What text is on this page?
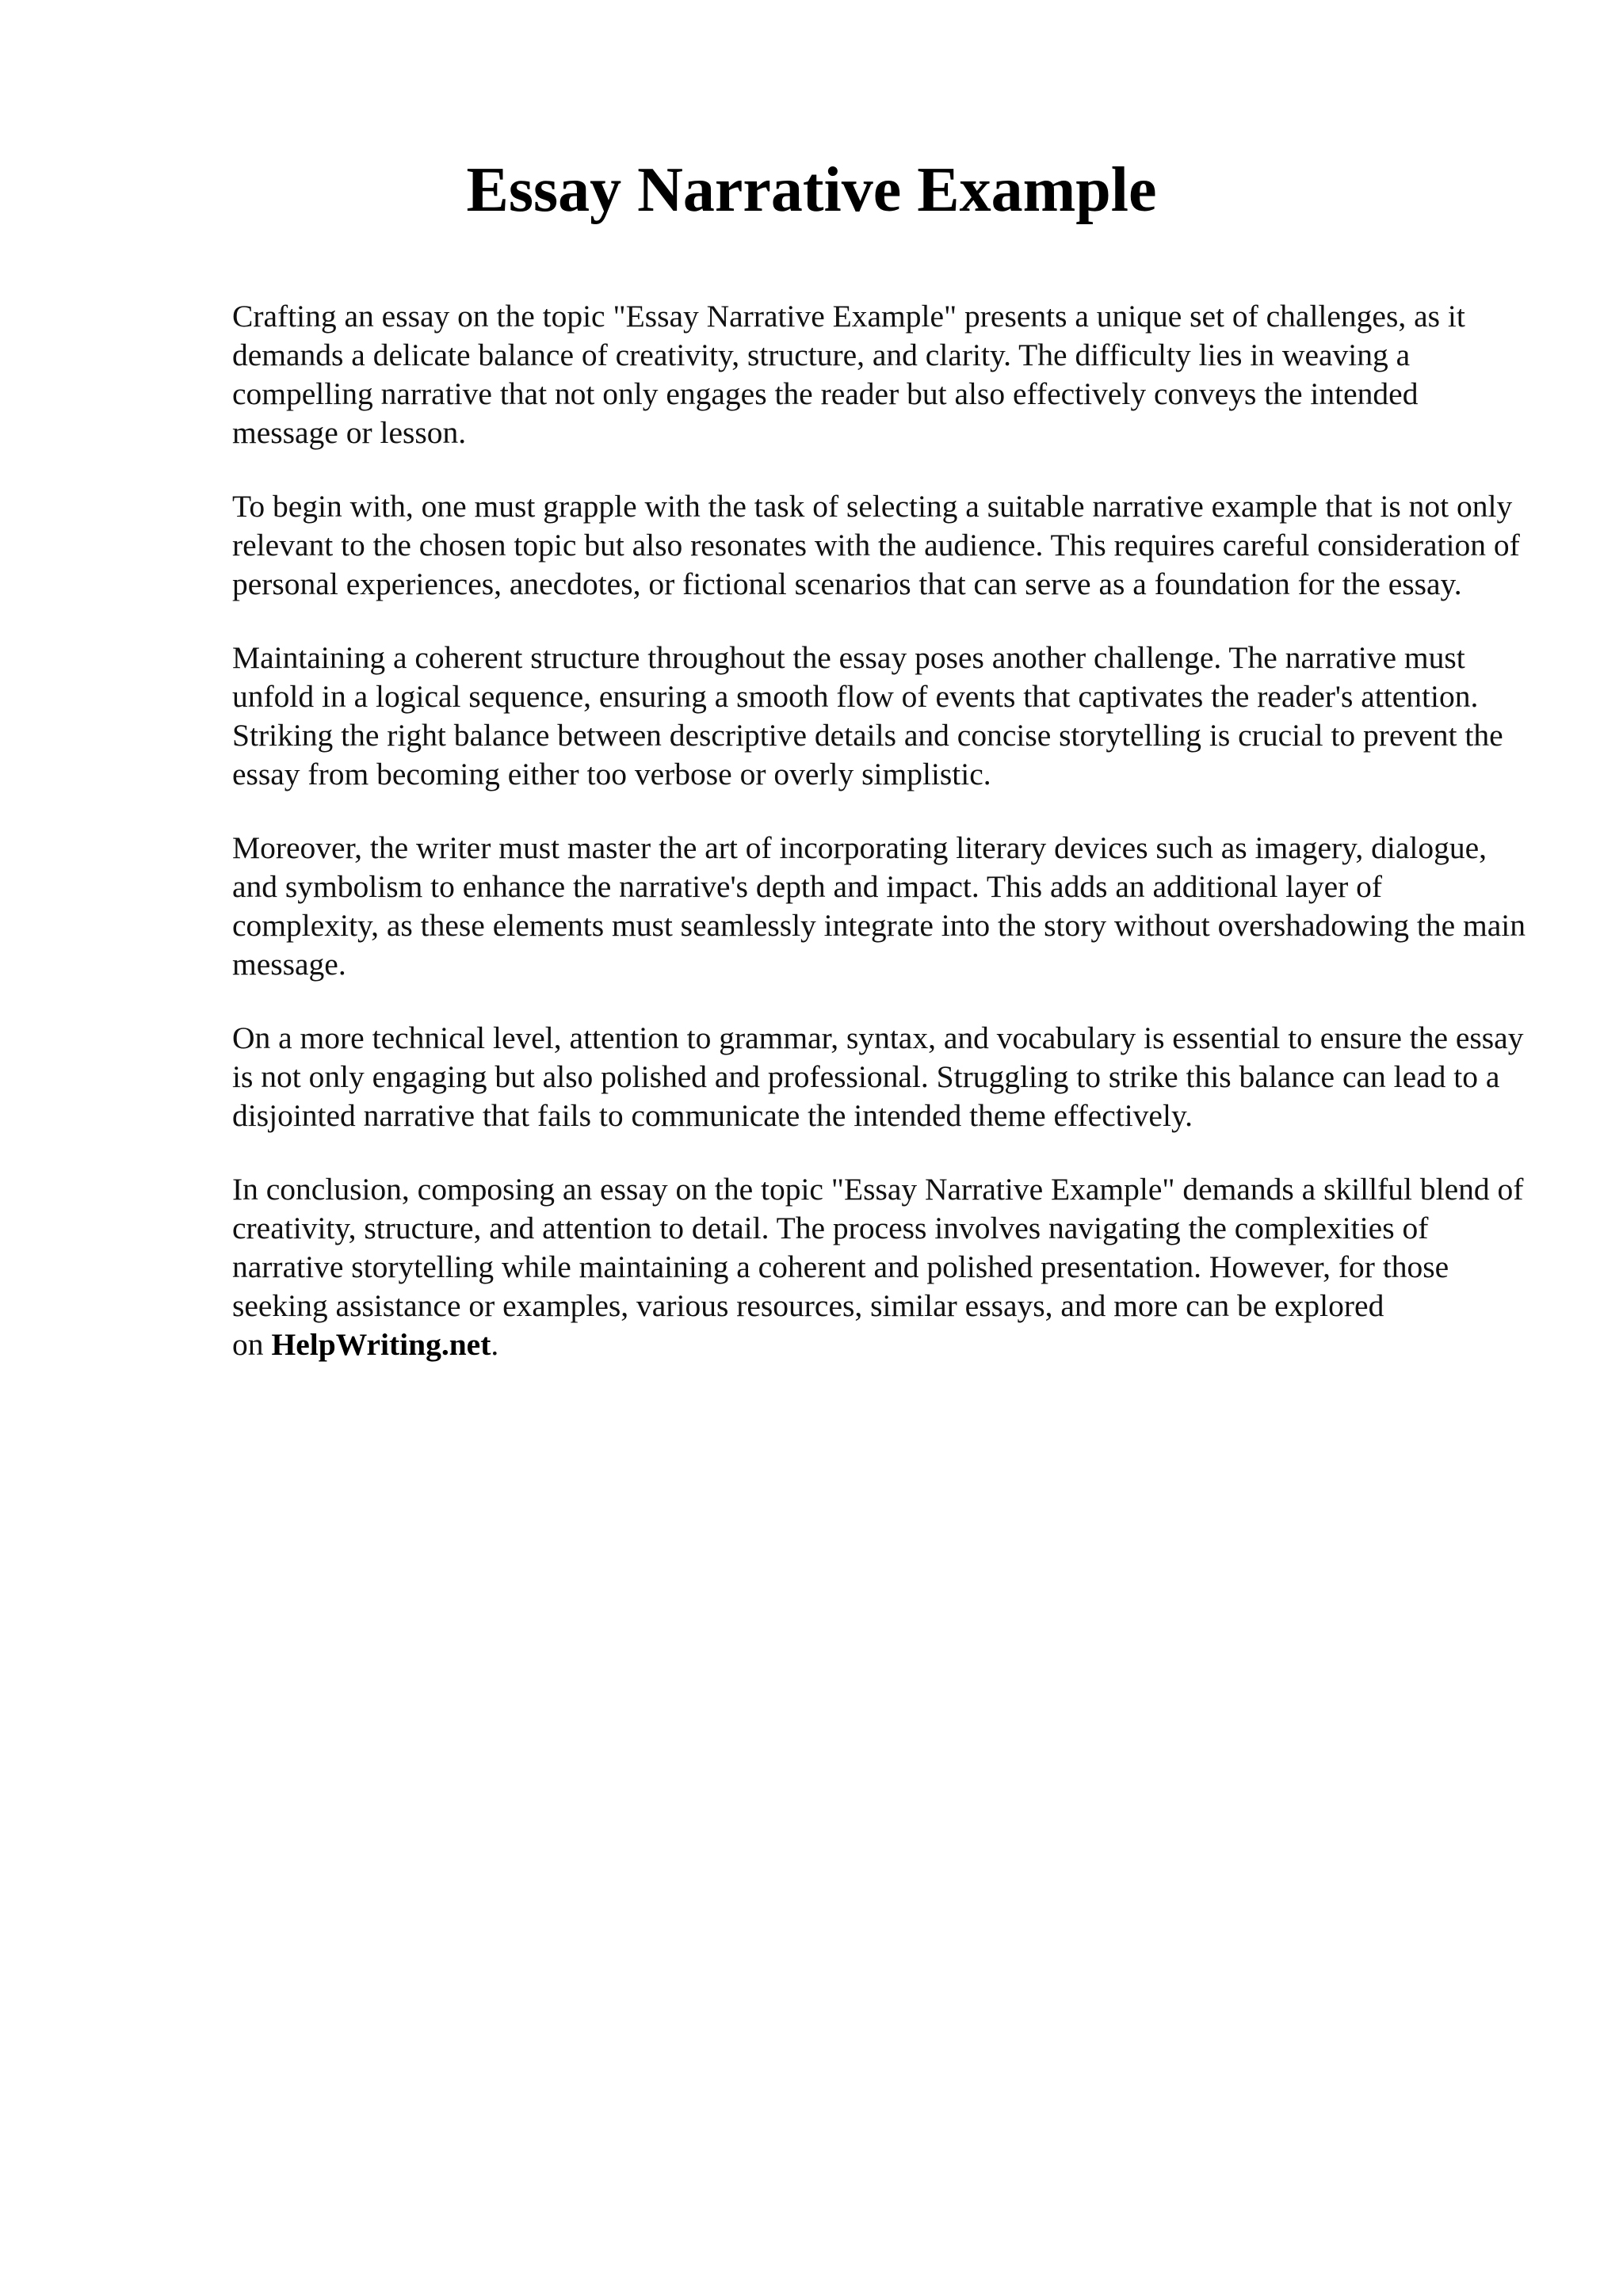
Essay Narrative Example

Crafting an essay on the topic "Essay Narrative Example" presents a unique set of challenges, as it demands a delicate balance of creativity, structure, and clarity. The difficulty lies in weaving a compelling narrative that not only engages the reader but also effectively conveys the intended message or lesson.

To begin with, one must grapple with the task of selecting a suitable narrative example that is not only relevant to the chosen topic but also resonates with the audience. This requires careful consideration of personal experiences, anecdotes, or fictional scenarios that can serve as a foundation for the essay.

Maintaining a coherent structure throughout the essay poses another challenge. The narrative must unfold in a logical sequence, ensuring a smooth flow of events that captivates the reader's attention. Striking the right balance between descriptive details and concise storytelling is crucial to prevent the essay from becoming either too verbose or overly simplistic.

Moreover, the writer must master the art of incorporating literary devices such as imagery, dialogue, and symbolism to enhance the narrative's depth and impact. This adds an additional layer of complexity, as these elements must seamlessly integrate into the story without overshadowing the main message.

On a more technical level, attention to grammar, syntax, and vocabulary is essential to ensure the essay is not only engaging but also polished and professional. Struggling to strike this balance can lead to a disjointed narrative that fails to communicate the intended theme effectively.

In conclusion, composing an essay on the topic "Essay Narrative Example" demands a skillful blend of creativity, structure, and attention to detail. The process involves navigating the complexities of narrative storytelling while maintaining a coherent and polished presentation. However, for those seeking assistance or examples, various resources, similar essays, and more can be explored on HelpWriting.net.
